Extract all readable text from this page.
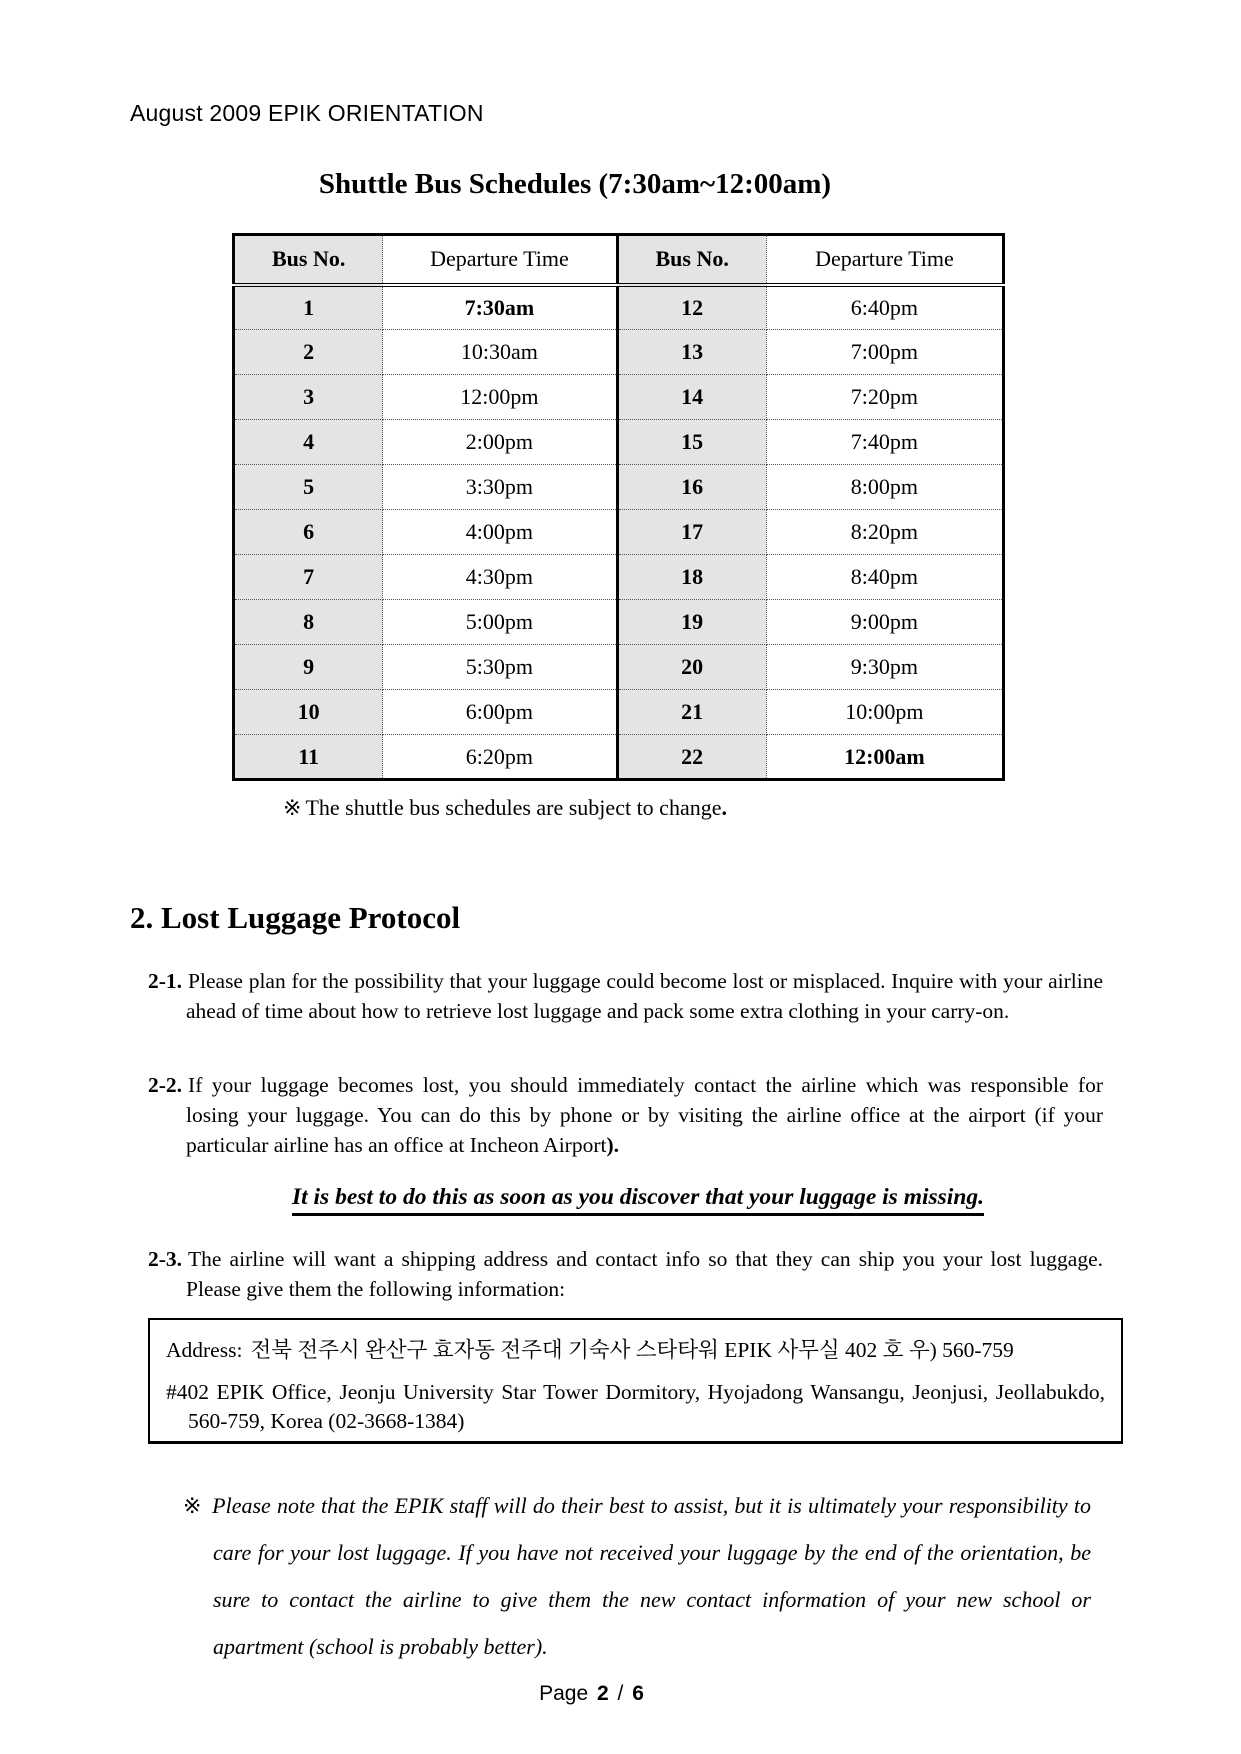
August 2009 EPIK ORIENTATION
Shuttle Bus Schedules (7:30am~12:00am)
Bus No.	Departure Time	Bus No.	Departure Time
1	7:30am	12	6:40pm
2	10:30am	13	7:00pm
3	12:00pm	14	7:20pm
4	2:00pm	15	7:40pm
5	3:30pm	16	8:00pm
6	4:00pm	17	8:20pm
7	4:30pm	18	8:40pm
8	5:00pm	19	9:00pm
9	5:30pm	20	9:30pm
10	6:00pm	21	10:00pm
11	6:20pm	22	12:00am
※ The shuttle bus schedules are subject to change.
2. Lost Luggage Protocol
2-1. Please plan for the possibility that your luggage could become lost or misplaced. Inquire with your airline ahead of time about how to retrieve lost luggage and pack some extra clothing in your carry-on.
2-2. If your luggage becomes lost, you should immediately contact the airline which was responsible for losing your luggage. You can do this by phone or by visiting the airline office at the airport (if your particular airline has an office at Incheon Airport).
It is best to do this as soon as you discover that your luggage is missing.
2-3. The airline will want a shipping address and contact info so that they can ship you your lost luggage. Please give them the following information:
Address: 전북 전주시 완산구 효자동 전주대 기숙사 스타타워 EPIK 사무실 402 호 우) 560-759
#402 EPIK Office, Jeonju University Star Tower Dormitory, Hyojadong Wansangu, Jeonjusi, Jeollabukdo, 560-759, Korea (02-3668-1384)
※ Please note that the EPIK staff will do their best to assist, but it is ultimately your responsibility to care for your lost luggage. If you have not received your luggage by the end of the orientation, be sure to contact the airline to give them the new contact information of your new school or apartment (school is probably better).
Page 2 / 6
